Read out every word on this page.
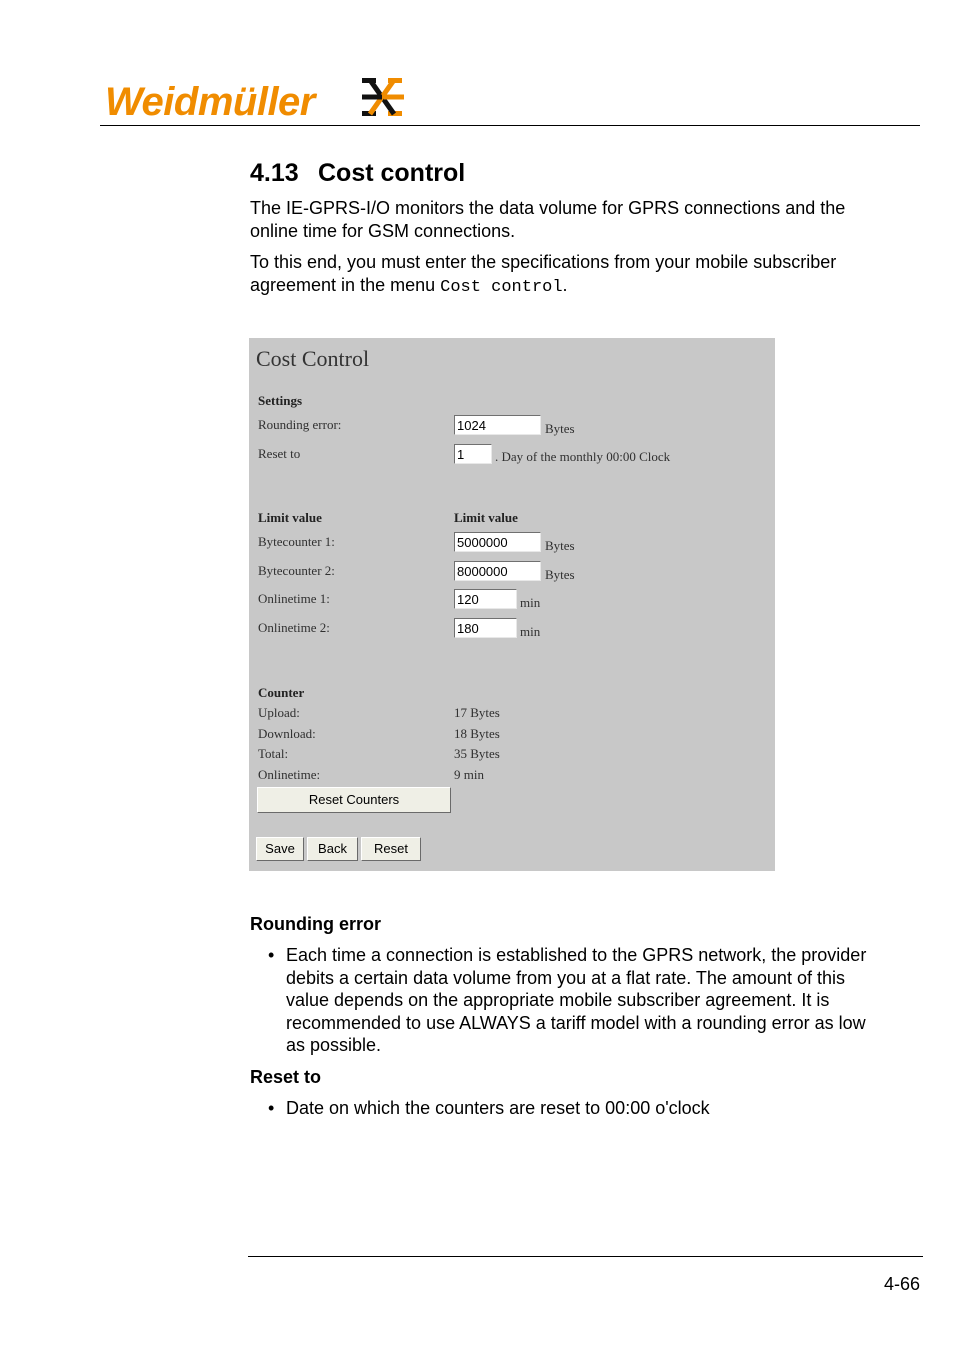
Weidmüller
4.13 Cost control
The IE-GPRS-I/O monitors the data volume for GPRS connections and the online time for GSM connections.
To this end, you must enter the specifications from your mobile subscriber agreement in the menu Cost control.
Cost Control
Settings
Rounding error:	1024	Bytes
Reset to	1	. Day of the monthly 00:00 Clock
Limit value	Limit value
Bytecounter 1:	5000000	Bytes
Bytecounter 2:	8000000	Bytes
Onlinetime 1:	120	min
Onlinetime 2:	180	min
Counter
Upload:	17 Bytes
Download:	18 Bytes
Total:	35 Bytes
Onlinetime:	9 min
Reset Counters
Save	Back	Reset
Rounding error
• Each time a connection is established to the GPRS network, the provider debits a certain data volume from you at a flat rate. The amount of this value depends on the appropriate mobile subscriber agreement. It is recommended to use ALWAYS a tariff model with a rounding error as low as possible.
Reset to
• Date on which the counters are reset to 00:00 o'clock
4-66
